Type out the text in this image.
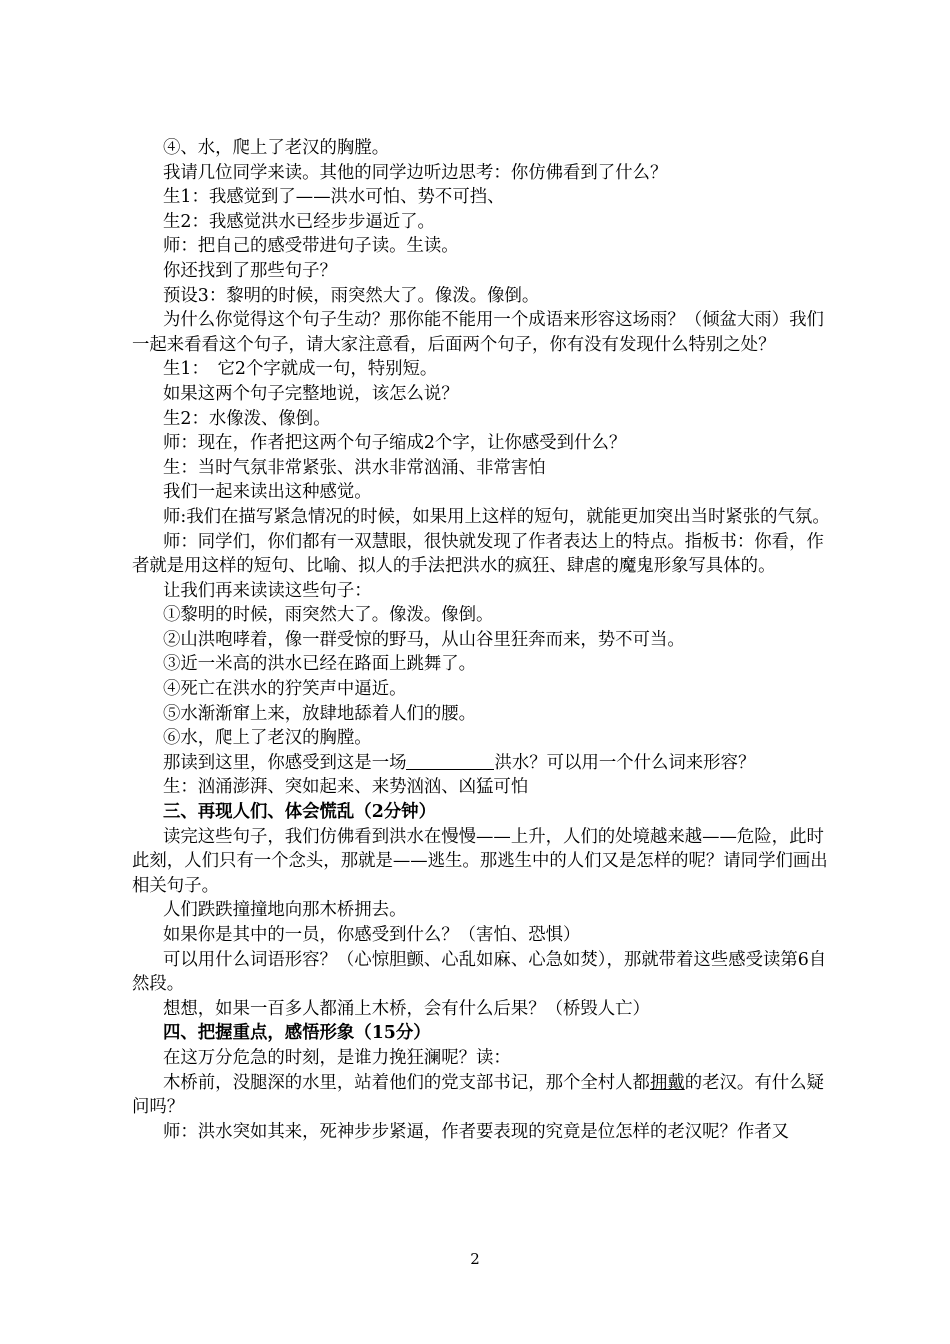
④、水，爬上了老汉的胸膛。

我请几位同学来读。其他的同学边听边思考：你仿佛看到了什么？

生1：我感觉到了——洪水可怕、势不可挡、

生2：我感觉洪水已经步步逼近了。

师：把自己的感受带进句子读。生读。

你还找到了那些句子？

预设3：黎明的时候，雨突然大了。像泼。像倒。

为什么你觉得这个句子生动？那你能不能用一个成语来形容这场雨？（倾盆大雨）我们一起来看看这个句子，请大家注意看，后面两个句子，你有没有发现什么特别之处？

生1：　它2个字就成一句，特别短。

如果这两个句子完整地说，该怎么说？

生2：水像泼、像倒。

师：现在，作者把这两个句子缩成2个字，让你感受到什么？

生：当时气氛非常紧张、洪水非常汹涌、非常害怕

我们一起来读出这种感觉。

师:我们在描写紧急情况的时候，如果用上这样的短句，就能更加突出当时紧张的气氛。

师：同学们，你们都有一双慧眼，很快就发现了作者表达上的特点。指板书：你看，作者就是用这样的短句、比喻、拟人的手法把洪水的疯狂、肆虐的魔鬼形象写具体的。

让我们再来读读这些句子：

①黎明的时候，雨突然大了。像泼。像倒。

②山洪咆哮着，像一群受惊的野马，从山谷里狂奔而来，势不可当。

③近一米高的洪水已经在路面上跳舞了。

④死亡在洪水的狞笑声中逼近。

⑤水渐渐窜上来，放肆地舔着人们的腰。

⑥水，爬上了老汉的胸膛。

那读到这里，你感受到这是一场	洪水？可以用一个什么词来形容？

生：汹涌澎湃、突如起来、来势汹汹、凶猛可怕

三、再现人们、体会慌乱（2分钟）

读完这些句子，我们仿佛看到洪水在慢慢——上升，人们的处境越来越——危险，此时此刻，人们只有一个念头，那就是——逃生。那逃生中的人们又是怎样的呢？请同学们画出相关句子。

人们跌跌撞撞地向那木桥拥去。

如果你是其中的一员，你感受到什么？（害怕、恐惧）

可以用什么词语形容？（心惊胆颤、心乱如麻、心急如焚），那就带着这些感受读第6自然段。

想想，如果一百多人都涌上木桥，会有什么后果？（桥毁人亡）

四、把握重点，感悟形象（15分）

在这万分危急的时刻，是谁力挽狂澜呢？读：

木桥前，没腿深的水里，站着他们的党支部书记，那个全村人都拥戴的老汉。有什么疑问吗？

师：洪水突如其来，死神步步紧逼，作者要表现的究竟是位怎样的老汉呢？作者又

2
